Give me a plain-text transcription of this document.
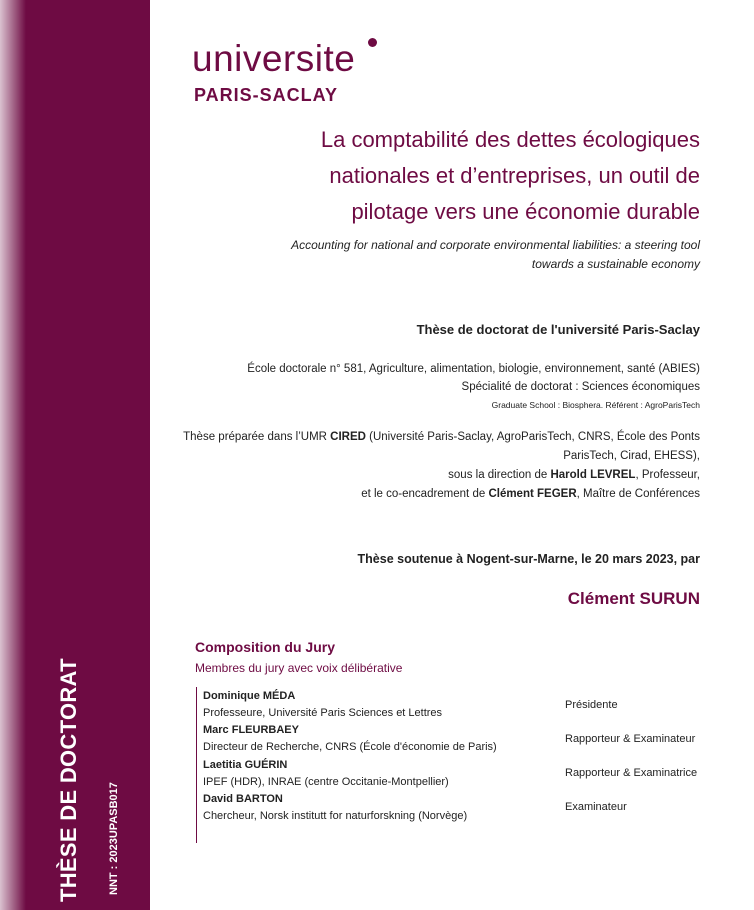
THÈSE DE DOCTORAT NNT : 2023UPASB017
universite
PARIS-SACLAY
La comptabilité des dettes écologiques
nationales et d’entreprises, un outil de
pilotage vers une économie durable
Accounting for national and corporate environmental liabilities: a steering tool
towards a sustainable economy
Thèse de doctorat de l'université Paris-Saclay
École doctorale n° 581, Agriculture, alimentation, biologie, environnement, santé (ABIES)
Spécialité de doctorat : Sciences économiques
Graduate School : Biosphera. Référent : AgroParisTech
Thèse préparée dans l’UMR CIRED (Université Paris-Saclay, AgroParisTech, CNRS, École des Ponts
ParisTech, Cirad, EHESS),
sous la direction de Harold LEVREL, Professeur,
et le co-encadrement de Clément FEGER, Maître de Conférences
Thèse soutenue à Nogent-sur-Marne, le 20 mars 2023, par
Clément SURUN
Composition du Jury
Membres du jury avec voix délibérative
Dominique MÉDA
Professeure, Université Paris Sciences et Lettres
Marc FLEURBAEY
Directeur de Recherche, CNRS (École d'économie de Paris)
Laetitia GUÉRIN
IPEF (HDR), INRAE (centre Occitanie-Montpellier)
David BARTON
Chercheur, Norsk institutt for naturforskning (Norvège)
Présidente
Rapporteur & Examinateur
Rapporteur & Examinatrice
Examinateur
